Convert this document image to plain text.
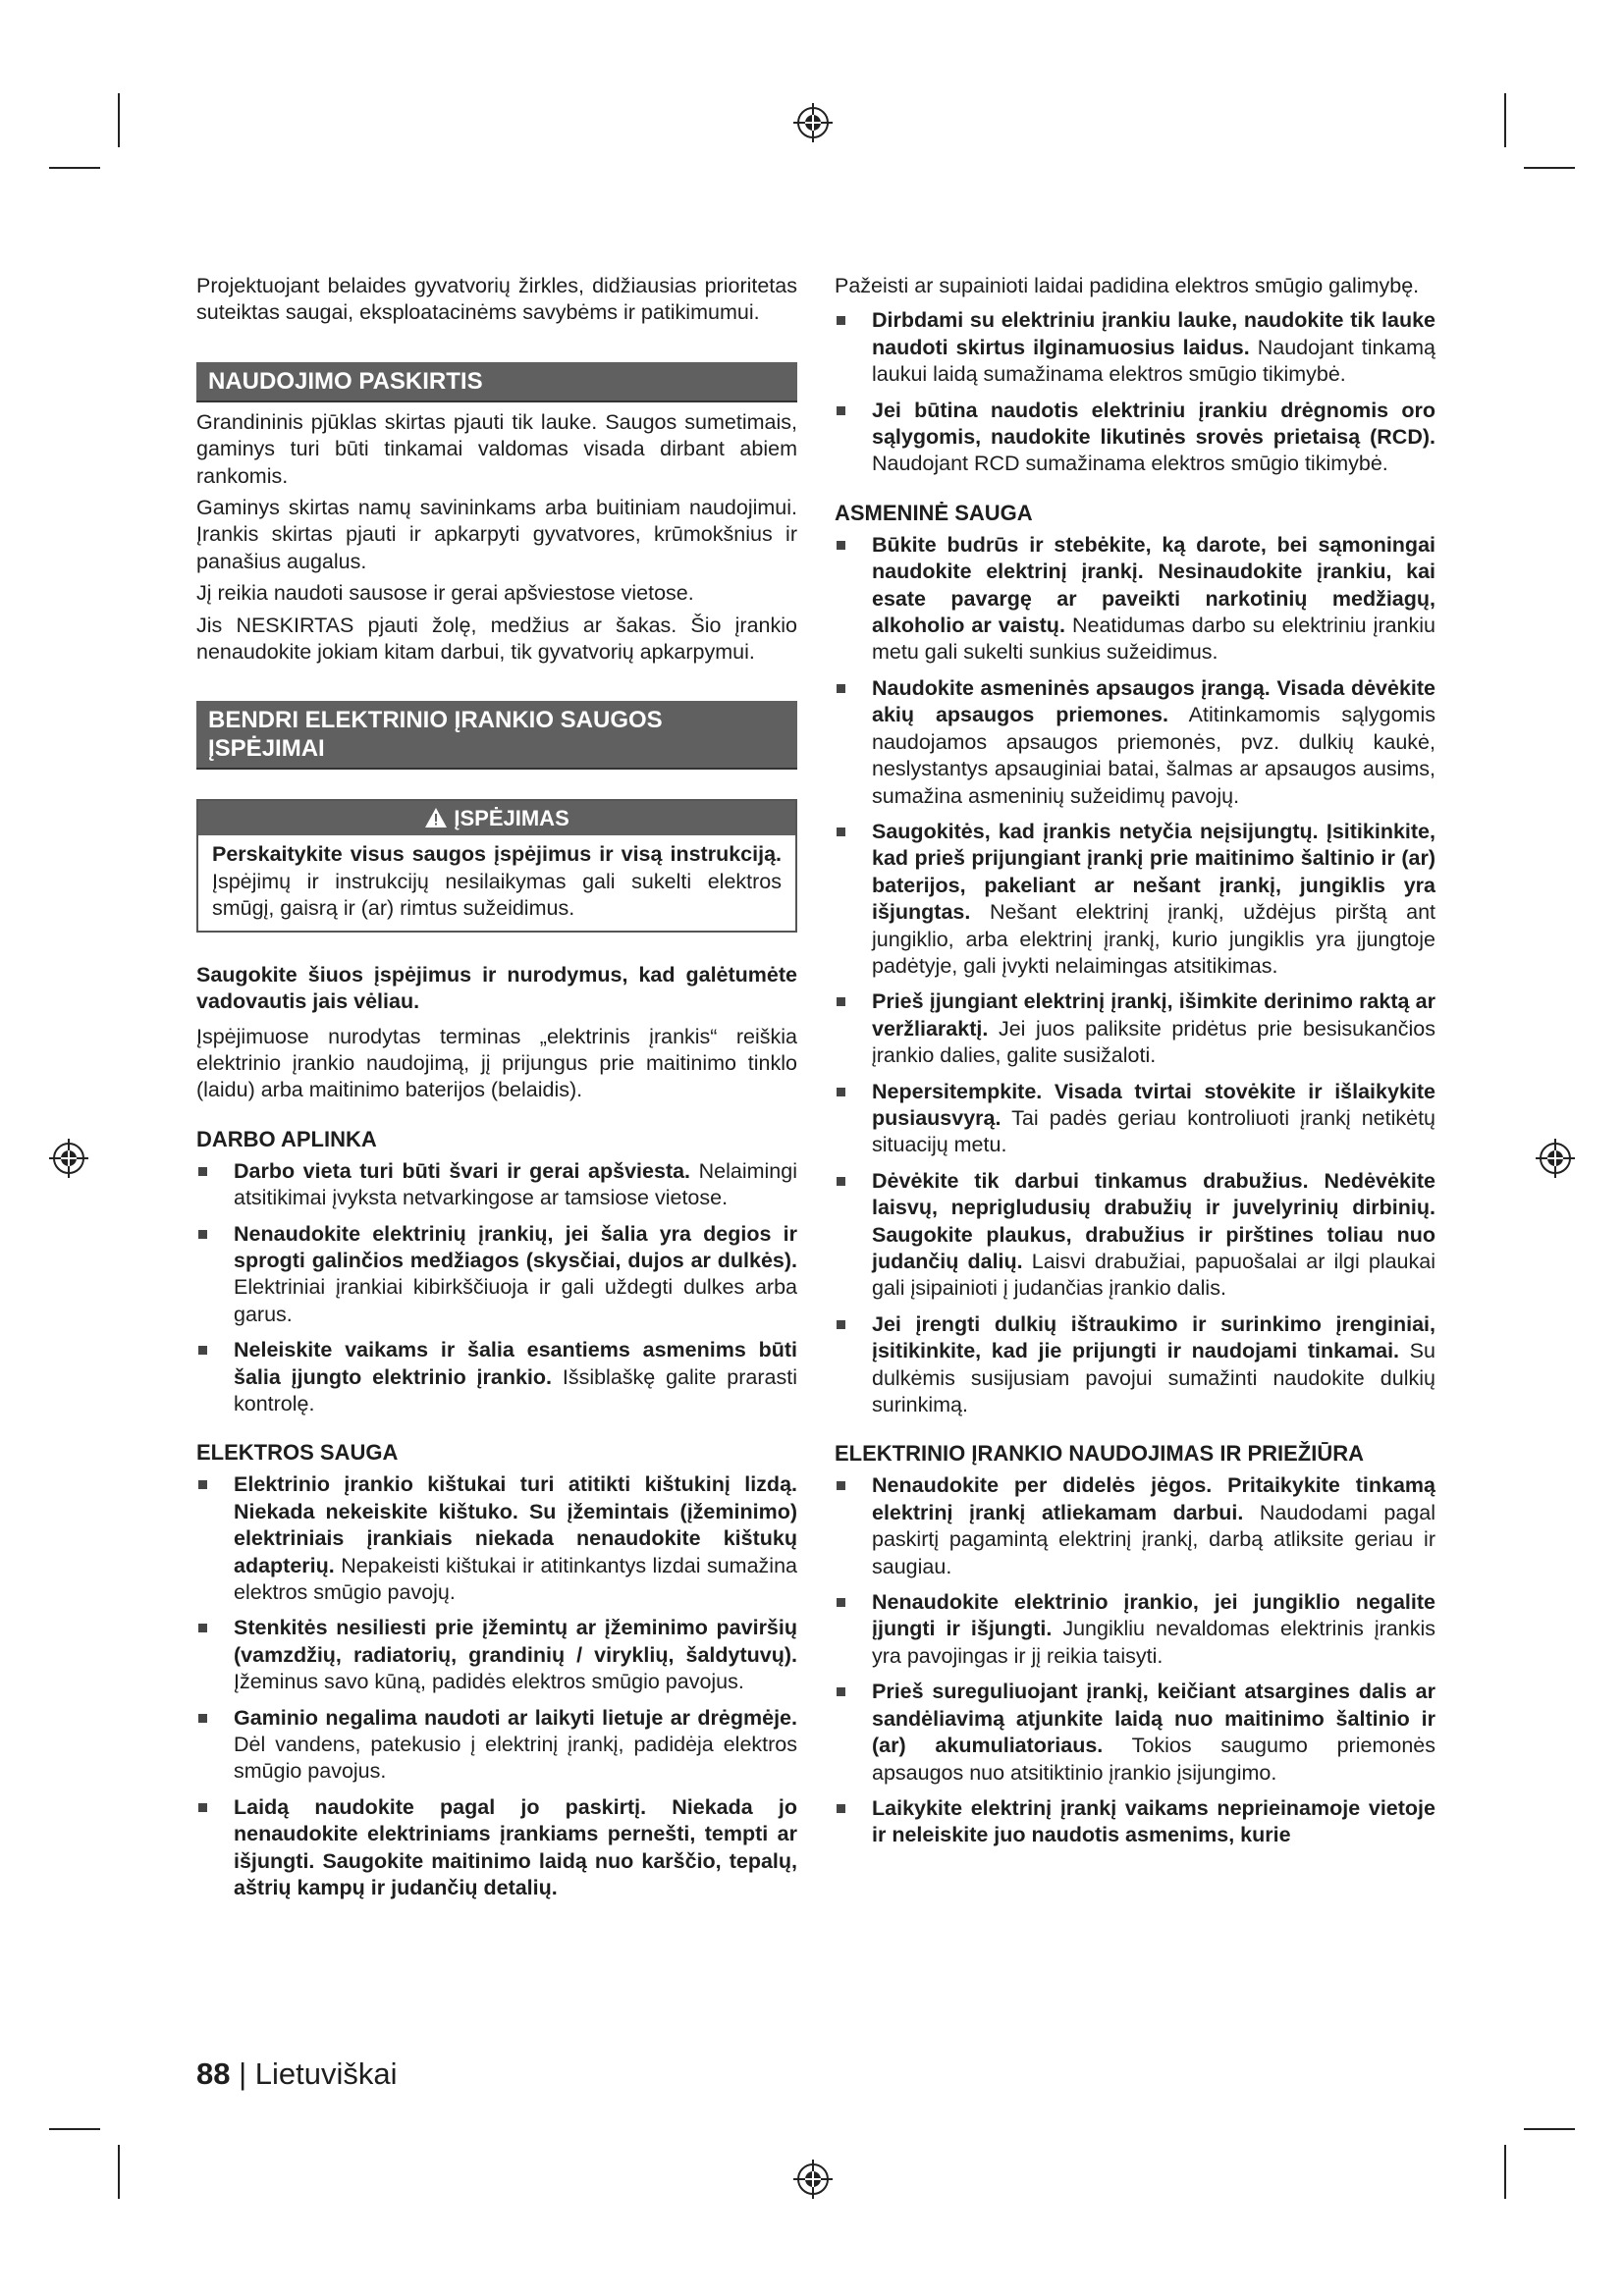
Projektuojant belaides gyvatvorių žirkles, didžiausias prioritetas suteiktas saugai, eksploatacinėms savybėms ir patikimumui.

NAUDOJIMO PASKIRTIS

Grandininis pjūklas skirtas pjauti tik lauke. Saugos sumetimais, gaminys turi būti tinkamai valdomas visada dirbant abiem rankomis.

Gaminys skirtas namų savininkams arba buitiniam naudojimui. Įrankis skirtas pjauti ir apkarpyti gyvatvores, krūmokšnius ir panašius augalus.

Jį reikia naudoti sausose ir gerai apšviestose vietose.

Jis NESKIRTAS pjauti žolę, medžius ar šakas. Šio įrankio nenaudokite jokiam kitam darbui, tik gyvatvorių apkarpymui.

BENDRI ELEKTRINIO ĮRANKIO SAUGOS
ĮSPĖJIMAI
ĮSPĖJIMAS

Perskaitykite visus saugos įspėjimus ir visą instrukciją. Įspėjimų ir instrukcijų nesilaikymas gali sukelti elektros smūgį, gaisrą ir (ar) rimtus sužeidimus.

Saugokite šiuos įspėjimus ir nurodymus, kad galėtumėte vadovautis jais vėliau.

Įspėjimuose nurodytas terminas „elektrinis įrankis“ reiškia elektrinio įrankio naudojimą, jį prijungus prie maitinimo tinklo (laidu) arba maitinimo baterijos (belaidis).

DARBO APLINKA
Darbo vieta turi būti švari ir gerai apšviesta. Nelaimingi atsitikimai įvyksta netvarkingose ar tamsiose vietose.
Nenaudokite elektrinių įrankių, jei šalia yra degios ir sprogti galinčios medžiagos (skysčiai, dujos ar dulkės). Elektriniai įrankiai kibirkščiuoja ir gali uždegti dulkes arba garus.
Neleiskite vaikams ir šalia esantiems asmenims būti šalia įjungto elektrinio įrankio. Išsiblaškę galite prarasti kontrolę.
ELEKTROS SAUGA
Elektrinio įrankio kištukai turi atitikti kištukinį lizdą. Niekada nekeiskite kištuko. Su įžemintais (įžeminimo) elektriniais įrankiais niekada nenaudokite kištukų adapterių. Nepakeisti kištukai ir atitinkantys lizdai sumažina elektros smūgio pavojų.
Stenkitės nesiliesti prie įžemintų ar įžeminimo paviršių (vamzdžių, radiatorių, grandinių / viryklių, šaldytuvų). Įžeminus savo kūną, padidės elektros smūgio pavojus.
Gaminio negalima naudoti ar laikyti lietuje ar drėgmėje. Dėl vandens, patekusio į elektrinį įrankį, padidėja elektros smūgio pavojus.
Laidą naudokite pagal jo paskirtį. Niekada jo nenaudokite elektriniams įrankiams pernešti, tempti ar išjungti. Saugokite maitinimo laidą nuo karščio, tepalų, aštrių kampų ir judančių detalių.

Pažeisti ar supainioti laidai padidina elektros smūgio galimybę.

Dirbdami su elektriniu įrankiu lauke, naudokite tik lauke naudoti skirtus ilginamuosius laidus. Naudojant tinkamą laukui laidą sumažinama elektros smūgio tikimybė.
Jei būtina naudotis elektriniu įrankiu drėgnomis oro sąlygomis, naudokite likutinės srovės prietaisą (RCD). Naudojant RCD sumažinama elektros smūgio tikimybė.
ASMENINĖ SAUGA
Būkite budrūs ir stebėkite, ką darote, bei sąmoningai naudokite elektrinį įrankį. Nesinaudokite įrankiu, kai esate pavargę ar paveikti narkotinių medžiagų, alkoholio ar vaistų. Neatidumas darbo su elektriniu įrankiu metu gali sukelti sunkius sužeidimus.
Naudokite asmeninės apsaugos įrangą. Visada dėvėkite akių apsaugos priemones. Atitinkamomis sąlygomis naudojamos apsaugos priemonės, pvz. dulkių kaukė, neslystantys apsauginiai batai, šalmas ar apsaugos ausims, sumažina asmeninių sužeidimų pavojų.
Saugokitės, kad įrankis netyčia neįsijungtų. Įsitikinkite, kad prieš prijungiant įrankį prie maitinimo šaltinio ir (ar) baterijos, pakeliant ar nešant įrankį, jungiklis yra išjungtas. Nešant elektrinį įrankį, uždėjus pirštą ant jungiklio, arba elektrinį įrankį, kurio jungiklis yra įjungtoje padėtyje, gali įvykti nelaimingas atsitikimas.
Prieš įjungiant elektrinį įrankį, išimkite derinimo raktą ar veržliaraktį. Jei juos paliksite pridėtus prie besisukančios įrankio dalies, galite susižaloti.
Nepersitempkite. Visada tvirtai stovėkite ir išlaikykite pusiausvyrą. Tai padės geriau kontroliuoti įrankį netikėtų situacijų metu.
Dėvėkite tik darbui tinkamus drabužius. Nedėvėkite laisvų, neprigludusių drabužių ir juvelyrinių dirbinių. Saugokite plaukus, drabužius ir pirštines toliau nuo judančių dalių. Laisvi drabužiai, papuošalai ar ilgi plaukai gali įsipainioti į judančias įrankio dalis.
Jei įrengti dulkių ištraukimo ir surinkimo įrenginiai, įsitikinkite, kad jie prijungti ir naudojami tinkamai. Su dulkėmis susijusiam pavojui sumažinti naudokite dulkių surinkimą.
ELEKTRINIO ĮRANKIO NAUDOJIMAS IR PRIEŽIŪRA
Nenaudokite per didelės jėgos. Pritaikykite tinkamą elektrinį įrankį atliekamam darbui. Naudodami pagal paskirtį pagamintą elektrinį įrankį, darbą atliksite geriau ir saugiau.
Nenaudokite elektrinio įrankio, jei jungiklio negalite įjungti ir išjungti. Jungikliu nevaldomas elektrinis įrankis yra pavojingas ir jį reikia taisyti.
Prieš sureguliuojant įrankį, keičiant atsargines dalis ar sandėliavimą atjunkite laidą nuo maitinimo šaltinio ir (ar) akumuliatoriaus. Tokios saugumo priemonės apsaugos nuo atsitiktinio įrankio įsijungimo.
Laikykite elektrinį įrankį vaikams neprieinamoje vietoje ir neleiskite juo naudotis asmenims, kurie
88 | Lietuviškai
